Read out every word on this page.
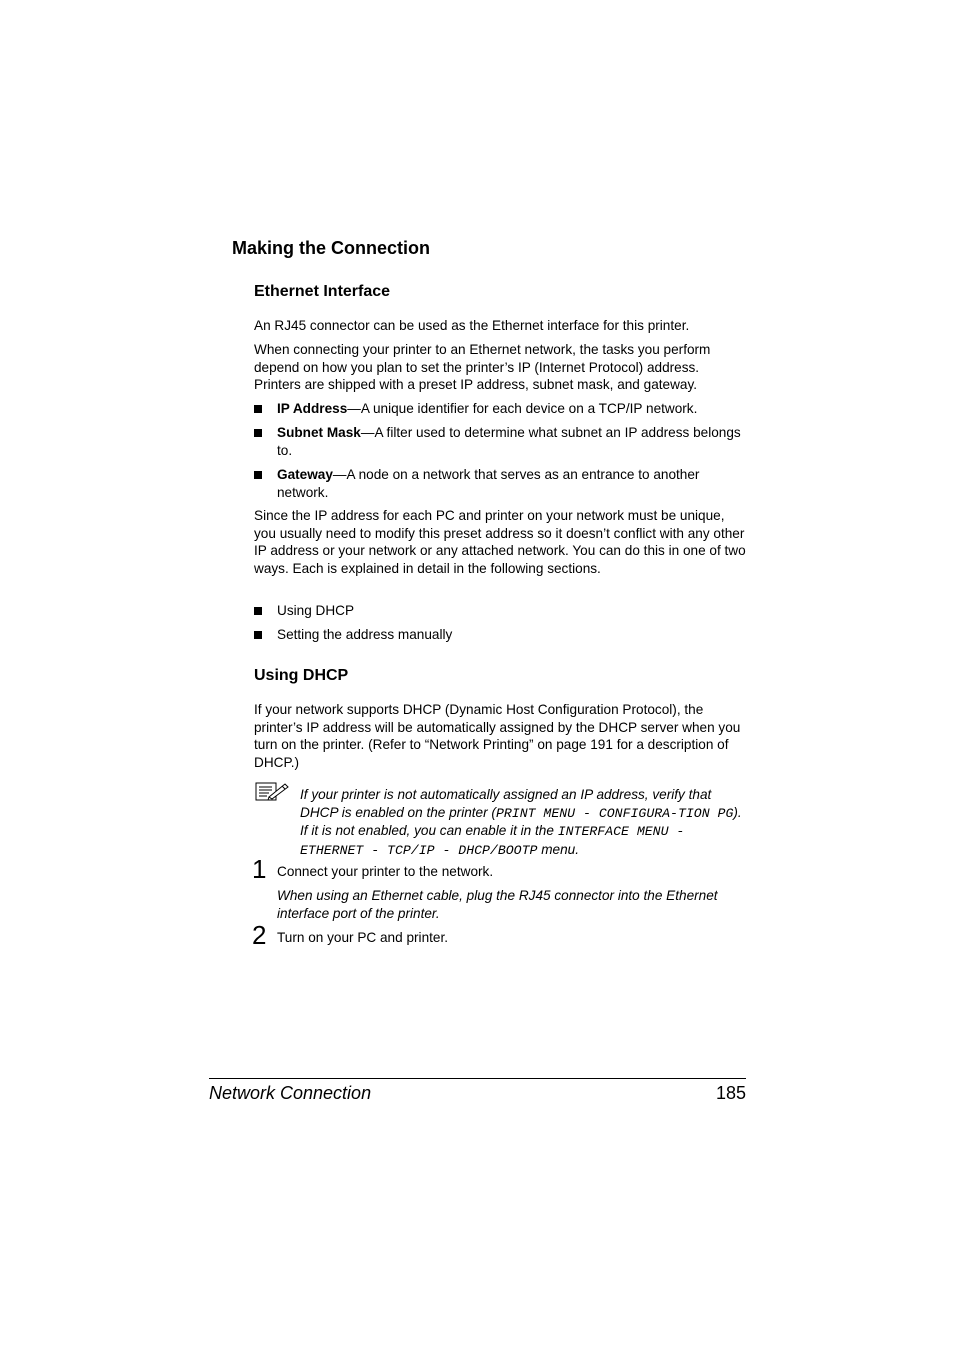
Making the Connection
Ethernet Interface

An RJ45 connector can be used as the Ethernet interface for this printer.

When connecting your printer to an Ethernet network, the tasks you perform depend on how you plan to set the printer’s IP (Internet Protocol) address. Printers are shipped with a preset IP address, subnet mask, and gateway.

IP Address—A unique identifier for each device on a TCP/IP network.
Subnet Mask—A filter used to determine what subnet an IP address belongs to.
Gateway—A node on a network that serves as an entrance to another network.

Since the IP address for each PC and printer on your network must be unique, you usually need to modify this preset address so it doesn’t conflict with any other IP address or your network or any attached network. You can do this in one of two ways. Each is explained in detail in the following sections.

Using DHCP
Setting the address manually
Using DHCP

If your network supports DHCP (Dynamic Host Configuration Protocol), the printer’s IP address will be automatically assigned by the DHCP server when you turn on the printer. (Refer to “Network Printing” on page 191 for a description of DHCP.)

If your printer is not automatically assigned an IP address, verify that DHCP is enabled on the printer (PRINT MENU - CONFIGURA-TION PG). If it is not enabled, you can enable it in the INTERFACE MENU - ETHERNET - TCP/IP - DHCP/BOOTP menu.
1 Connect your printer to the network.
When using an Ethernet cable, plug the RJ45 connector into the Ethernet interface port of the printer.
2 Turn on your PC and printer.
Network Connection	185
